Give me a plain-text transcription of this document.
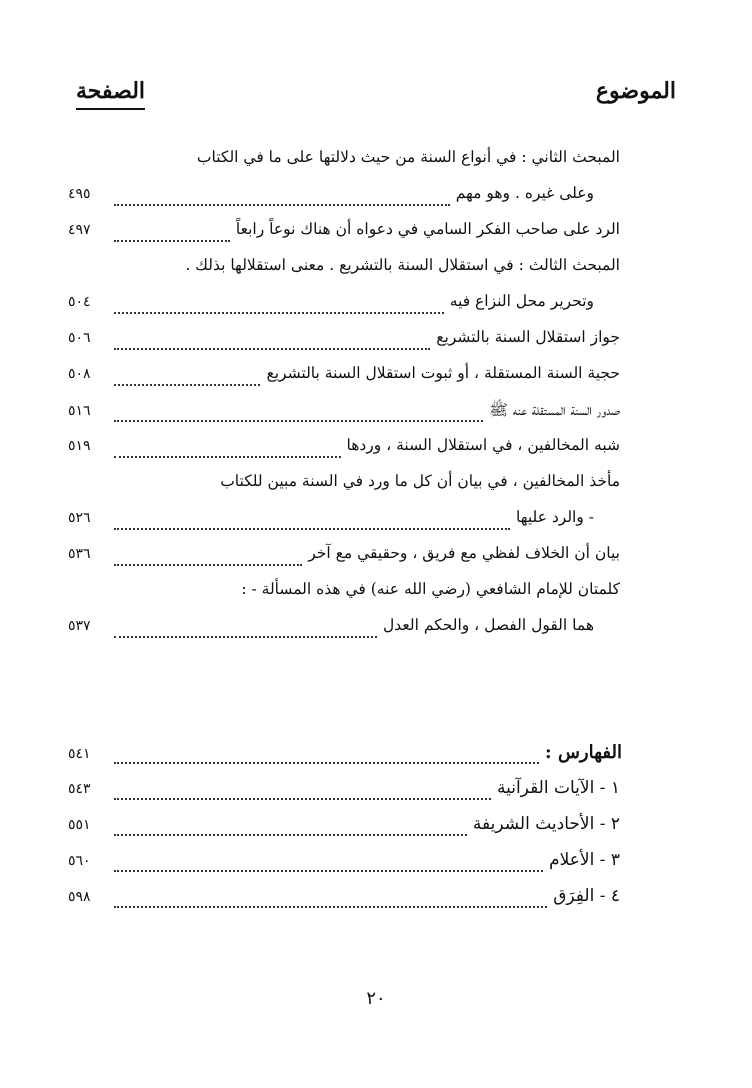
الموضوع
الصفحة
المبحث الثاني : في أنواع السنة من حيث دلالتها على ما في الكتاب
وعلى غيره . وهو مهم
٤٩٥
الرد على صاحب الفكر السامي في دعواه أن هناك نوعاً رابعاً
٤٩٧
المبحث الثالث : في استقلال السنة بالتشريع . معنى استقلالها بذلك .
وتحرير محل النزاع فيه
٥٠٤
جواز استقلال السنة بالتشريع
٥٠٦
حجية السنة المستقلة ، أو ثبوت استقلال السنة بالتشريع
٥٠٨
صدور السنة المستقلة عنه ﷺ
٥١٦
شبه المخالفين ، في استقلال السنة ، وردها
٥١٩
مأخذ المخالفين ، في بيان أن كل ما ورد في السنة مبين للكتاب
- والرد عليها
٥٢٦
بيان أن الخلاف لفظي مع فريق ، وحقيقي مع آخر
٥٣٦
كلمتان للإمام الشافعي (رضي الله عنه) في هذه المسألة - :
هما القول الفصل ، والحكم العدل
٥٣٧
الفهارس :
٥٤١
١ - الآيات القرآنية
٥٤٣
٢ - الأحاديث الشريفة
٥٥١
٣ - الأعلام
٥٦٠
٤ - الفِرَق
٥٩٨
٢٠
